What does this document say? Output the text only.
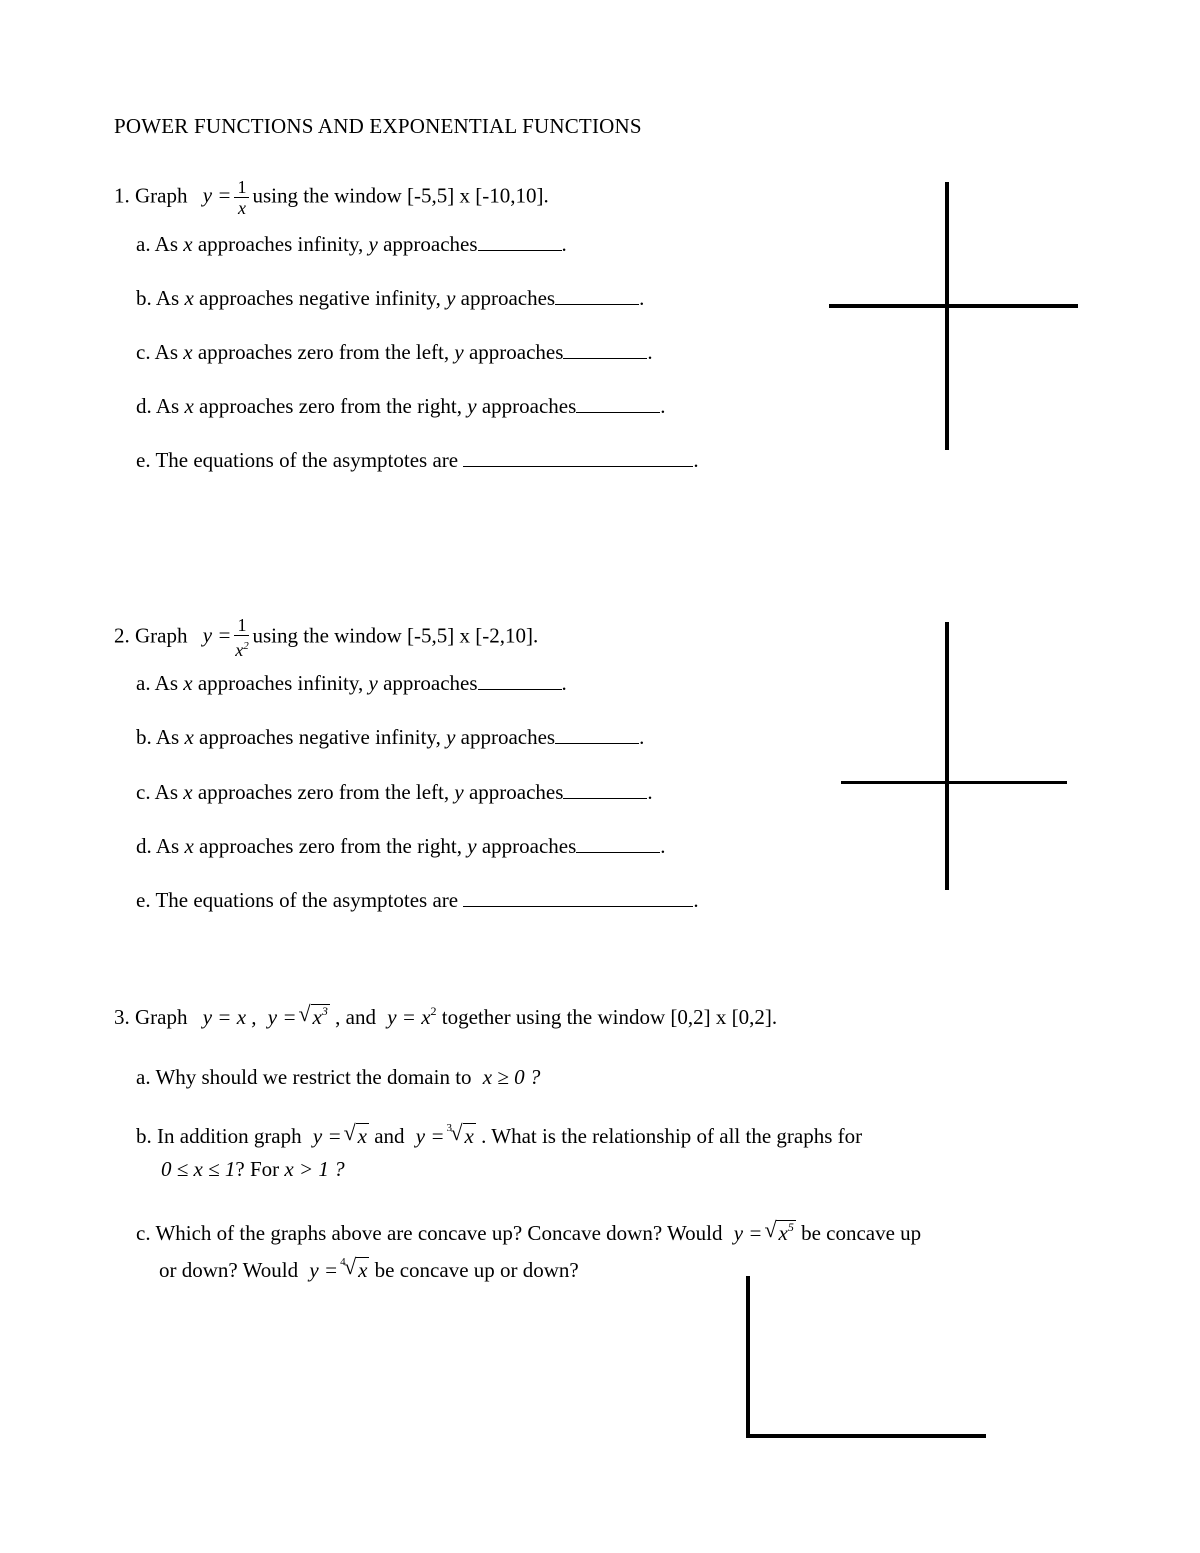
POWER FUNCTIONS AND EXPONENTIAL FUNCTIONS
1. Graph $y = \frac{1}{x}$ using the window [-5,5] x [-10,10].
a. As x approaches infinity, y approaches	.
b. As x approaches negative infinity, y approaches	.
c. As x approaches zero from the left, y approaches	.
d. As x approaches zero from the right, y approaches	.
e. The equations of the asymptotes are	.
2. Graph $y = \frac{1}{x^2}$ using the window [-5,5] x [-2,10].
a. As x approaches infinity, y approaches	.
b. As x approaches negative infinity, y approaches	.
c. As x approaches zero from the left, y approaches	.
d. As x approaches zero from the right, y approaches	.
e. The equations of the asymptotes are	.
3. Graph y = x , y = √ $x^3$ , and $y = x^2$ together using the window [0,2] x [0,2].
a. Why should we restrict the domain to x ≥ 0 ?
b. In addition graph y = √ x and y = 3
√ x . What is the relationship of all the graphs for
0 ≤ x ≤ 1? For x > 1 ?
c. Which of the graphs above are concave up? Concave down? Would y = √ $x^5$ be concave up
or down? Would y = 4
√ x be concave up or down?
